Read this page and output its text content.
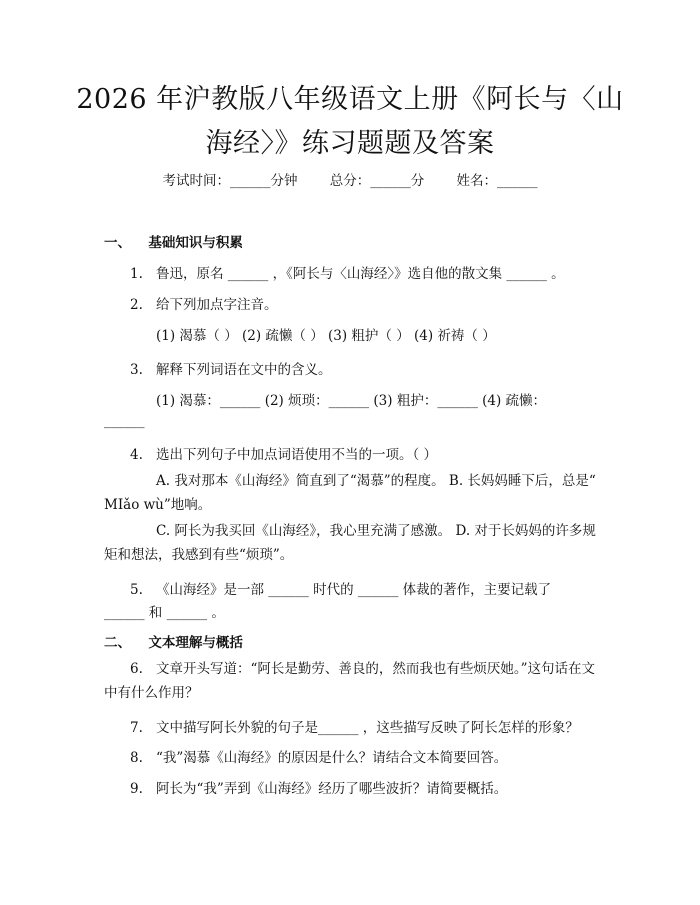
2026 年沪教版八年级语文上册《阿长与〈山
海经〉》练习题题及答案
考试时间：______分钟 总分：______分 姓名：______
一、 基础知识与积累
1. 鲁迅，原名 ______ ，《阿长与〈山海经〉》选自他的散文集 ______ 。
2. 给下列加点字注音。
(1) 渴慕（ ） (2) 疏懒（ ） (3) 粗护（ ） (4) 祈祷（ ）
3. 解释下列词语在文中的含义。
(1) 渴慕：______ (2) 烦琐：______ (3) 粗护：______ (4) 疏懒：
______
4. 选出下列句子中加点词语使用不当的一项。（ ）
A. 我对那本《山海经》简直到了“渴慕”的程度。 B. 长妈妈睡下后，总是“ MIǎo wù”地响。
C. 阿长为我买回《山海经》，我心里充满了感激。 D. 对于长妈妈的许多规矩和想法，我感到有些“烦琐”。
5. 《山海经》是一部 ______ 时代的 ______ 体裁的著作，主要记载了
______ 和 ______ 。
二、 文本理解与概括
6. 文章开头写道：“阿长是勤劳、善良的，然而我也有些烦厌她。”这句话在文中有什么作用？
7. 文中描写阿长外貌的句子是______ ，这些描写反映了阿长怎样的形象？
8. “我”渴慕《山海经》的原因是什么？请结合文本简要回答。
9. 阿长为“我”弄到《山海经》经历了哪些波折？请简要概括。
